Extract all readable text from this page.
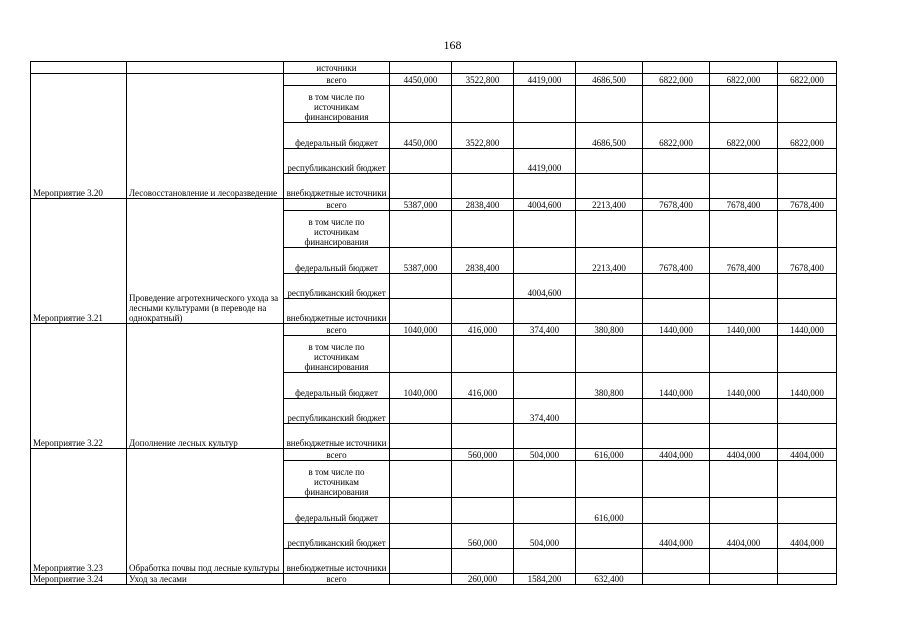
168
		источники							
Мероприятие 3.20	Лесовосстановление и лесоразведение	всего	4450,000	3522,800	4419,000	4686,500	6822,000	6822,000	6822,000
		в том числе по источникам финансирования							
		федеральный бюджет	4450,000	3522,800		4686,500	6822,000	6822,000	6822,000
		республиканский бюджет			4419,000				
		внебюджетные источники							
Мероприятие 3.21	Проведение агротехнического ухода за лесными культурами (в переводе на однократный)	всего	5387,000	2838,400	4004,600	2213,400	7678,400	7678,400	7678,400
		в том числе по источникам финансирования							
		федеральный бюджет	5387,000	2838,400		2213,400	7678,400	7678,400	7678,400
		республиканский бюджет			4004,600				
		внебюджетные источники							
Мероприятие 3.22	Дополнение лесных культур	всего	1040,000	416,000	374,400	380,800	1440,000	1440,000	1440,000
		в том числе по источникам финансирования							
		федеральный бюджет	1040,000	416,000		380,800	1440,000	1440,000	1440,000
		республиканский бюджет			374,400				
		внебюджетные источники							
Мероприятие 3.23	Обработка почвы под лесные культуры	всего		560,000	504,000	616,000	4404,000	4404,000	4404,000
		в том числе по источникам финансирования							
		федеральный бюджет				616,000			
		республиканский бюджет		560,000	504,000		4404,000	4404,000	4404,000
		внебюджетные источники							
Мероприятие 3.24	Уход за лесами	всего		260,000	1584,200	632,400			
